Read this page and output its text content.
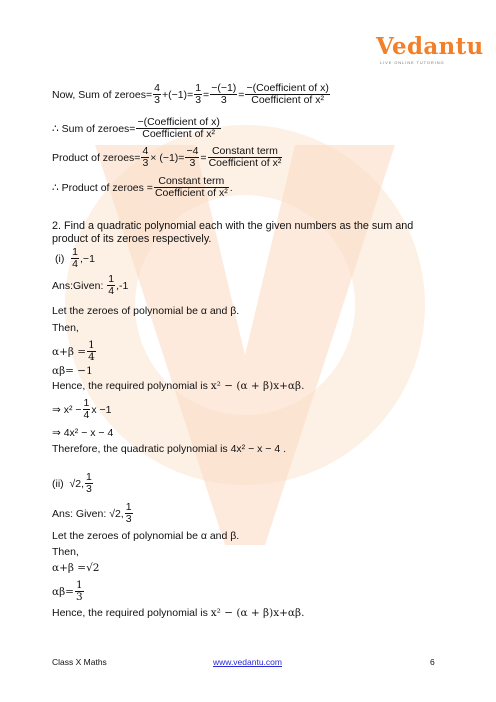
Vedantu
LIVE ONLINE TUTORING
Now, Sum of zeroes = $\frac{4}{3} +(-1) = \frac{1}{3} = \frac{-(-1)}{3} = \frac{\text{−(Coefficient of x)}}{\text{Coefficient of x²}}$
∴ Sum of zeroes= $\frac{\text{−(Coefficient of x)}}{\text{Coefficient of x²}}$
Product of zeroes = $\frac{4}{3} \times (-1) = \frac{-4}{3} = \frac{\text{Constant term}}{\text{Coefficient of x²}}$
∴ Product of zeroes = $\frac{\text{Constant term}}{\text{Coefficient of x²}}$ .
2. Find a quadratic polynomial each with the given numbers as the sum and product of its zeroes respectively.
(i)
$\frac{1}{4} ,-1$
Ans:Given:
$\frac{1}{4} ,-1$
Let the zeroes of polynomial be α and β.
Then,
$\alpha+\beta = \frac{1}{4}$
αβ= −1
Hence, the required polynomial is x² − (α + β)x+αβ.
⇒ $x^2 - \frac{1}{4}$ x −1
⇒ 4x² − x − 4
Therefore, the quadratic polynomial is 4x² − x − 4 .
(ii)
√2, $\frac{1}{3}$
Ans: Given:
√2, $\frac{1}{3}$
Let the zeroes of polynomial be α and β.
Then,
α+β =√2
$\alpha\beta= \frac{1}{3}$
Hence, the required polynomial is x² − (α + β)x+αβ.
Class X Maths	www.vedantu.com	6
